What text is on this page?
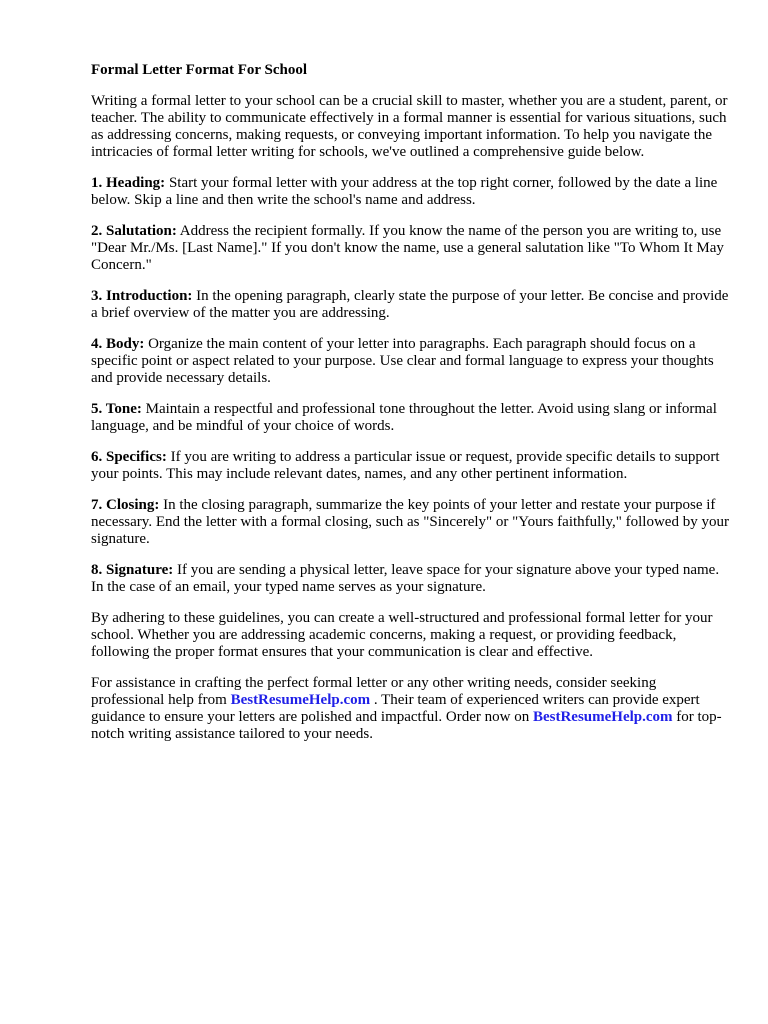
Formal Letter Format For School

Writing a formal letter to your school can be a crucial skill to master, whether you are a student, parent, or teacher. The ability to communicate effectively in a formal manner is essential for various situations, such as addressing concerns, making requests, or conveying important information. To help you navigate the intricacies of formal letter writing for schools, we've outlined a comprehensive guide below.

1. Heading: Start your formal letter with your address at the top right corner, followed by the date a line below. Skip a line and then write the school's name and address.

2. Salutation: Address the recipient formally. If you know the name of the person you are writing to, use "Dear Mr./Ms. [Last Name]." If you don't know the name, use a general salutation like "To Whom It May Concern."

3. Introduction: In the opening paragraph, clearly state the purpose of your letter. Be concise and provide a brief overview of the matter you are addressing.

4. Body: Organize the main content of your letter into paragraphs. Each paragraph should focus on a specific point or aspect related to your purpose. Use clear and formal language to express your thoughts and provide necessary details.

5. Tone: Maintain a respectful and professional tone throughout the letter. Avoid using slang or informal language, and be mindful of your choice of words.

6. Specifics: If you are writing to address a particular issue or request, provide specific details to support your points. This may include relevant dates, names, and any other pertinent information.

7. Closing: In the closing paragraph, summarize the key points of your letter and restate your purpose if necessary. End the letter with a formal closing, such as "Sincerely" or "Yours faithfully," followed by your signature.

8. Signature: If you are sending a physical letter, leave space for your signature above your typed name. In the case of an email, your typed name serves as your signature.

By adhering to these guidelines, you can create a well-structured and professional formal letter for your school. Whether you are addressing academic concerns, making a request, or providing feedback, following the proper format ensures that your communication is clear and effective.

For assistance in crafting the perfect formal letter or any other writing needs, consider seeking professional help from BestResumeHelp.com . Their team of experienced writers can provide expert guidance to ensure your letters are polished and impactful. Order now on BestResumeHelp.com for top-notch writing assistance tailored to your needs.
